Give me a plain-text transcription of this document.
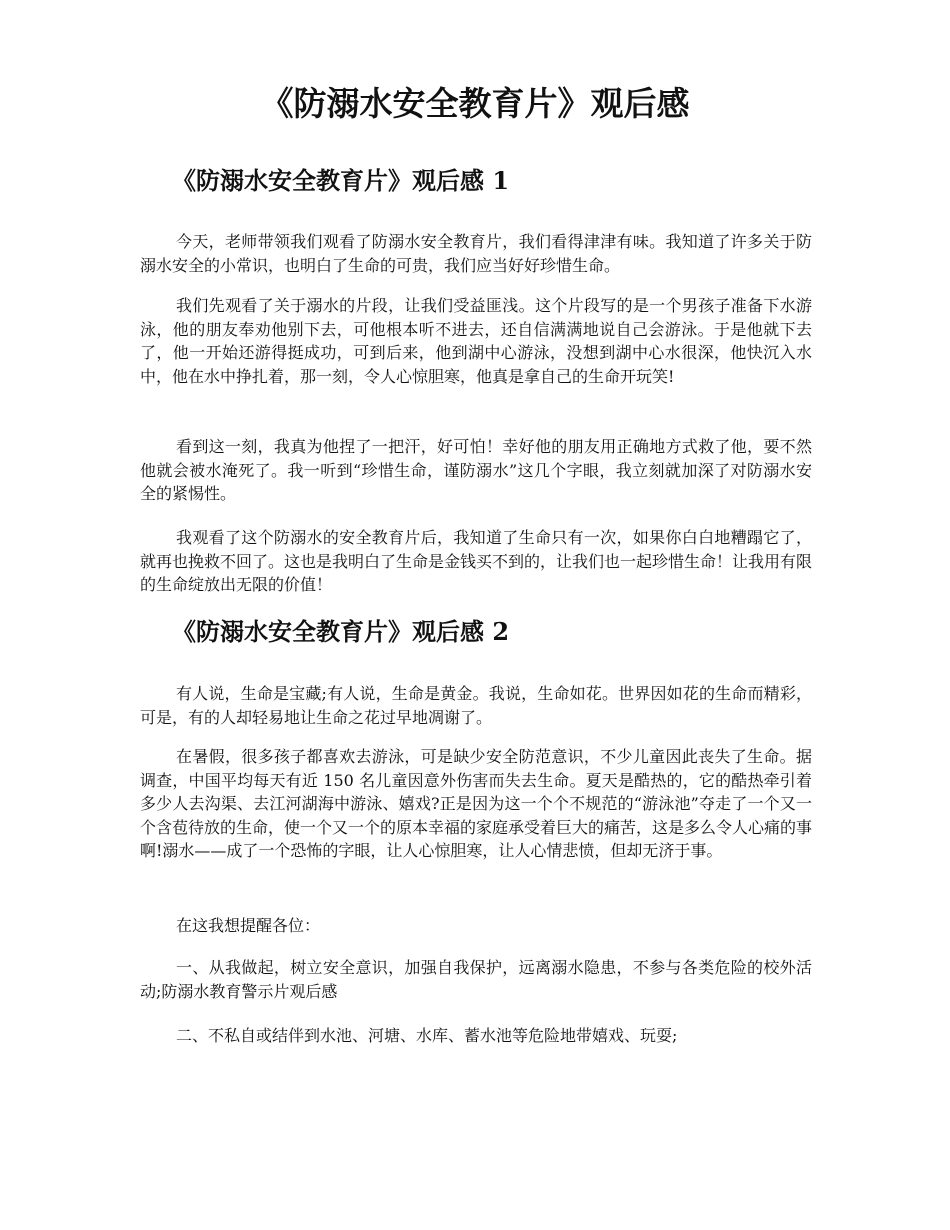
《防溺水安全教育片》观后感
《防溺水安全教育片》观后感 1

今天，老师带领我们观看了防溺水安全教育片，我们看得津津有味。我知道了许多关于防溺水安全的小常识，也明白了生命的可贵，我们应当好好珍惜生命。

我们先观看了关于溺水的片段，让我们受益匪浅。这个片段写的是一个男孩子准备下水游泳，他的朋友奉劝他别下去，可他根本听不进去，还自信满满地说自己会游泳。于是他就下去了，他一开始还游得挺成功，可到后来，他到湖中心游泳，没想到湖中心水很深，他快沉入水中，他在水中挣扎着，那一刻，令人心惊胆寒，他真是拿自己的生命开玩笑!

看到这一刻，我真为他捏了一把汗，好可怕！幸好他的朋友用正确地方式救了他，要不然他就会被水淹死了。我一听到“珍惜生命，谨防溺水”这几个字眼，我立刻就加深了对防溺水安全的紧惕性。

我观看了这个防溺水的安全教育片后，我知道了生命只有一次，如果你白白地糟蹋它了，就再也挽救不回了。这也是我明白了生命是金钱买不到的，让我们也一起珍惜生命！让我用有限的生命绽放出无限的价值！

《防溺水安全教育片》观后感 2

有人说，生命是宝藏;有人说，生命是黄金。我说，生命如花。世界因如花的生命而精彩，可是，有的人却轻易地让生命之花过早地凋谢了。

在暑假，很多孩子都喜欢去游泳，可是缺少安全防范意识，不少儿童因此丧失了生命。据调查，中国平均每天有近 150 名儿童因意外伤害而失去生命。夏天是酷热的，它的酷热牵引着多少人去沟渠、去江河湖海中游泳、嬉戏?正是因为这一个个不规范的“游泳池”夺走了一个又一个含苞待放的生命，使一个又一个的原本幸福的家庭承受着巨大的痛苦，这是多么令人心痛的事啊!溺水——成了一个恐怖的字眼，让人心惊胆寒，让人心情悲愤，但却无济于事。

在这我想提醒各位：

一、从我做起，树立安全意识，加强自我保护，远离溺水隐患，不参与各类危险的校外活动;防溺水教育警示片观后感

二、不私自或结伴到水池、河塘、水库、蓄水池等危险地带嬉戏、玩耍;
